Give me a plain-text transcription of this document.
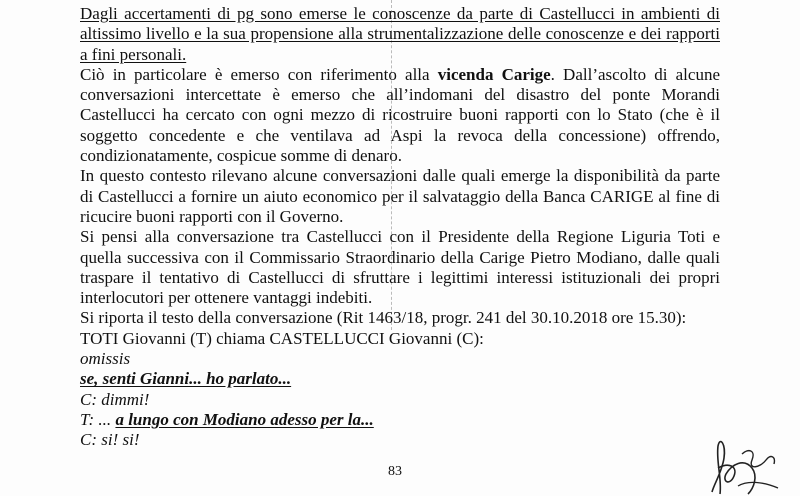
Dagli accertamenti di pg sono emerse le conoscenze da parte di Castellucci in ambienti di altissimo livello e la sua propensione alla strumentalizzazione delle conoscenze e dei rapporti a fini personali.

Ciò in particolare è emerso con riferimento alla vicenda Carige. Dall’ascolto di alcune conversazioni intercettate è emerso che all’indomani del disastro del ponte Morandi Castellucci ha cercato con ogni mezzo di ricostruire buoni rapporti con lo Stato (che è il soggetto concedente e che ventilava ad Aspi la revoca della concessione) offrendo, condizionatamente, cospicue somme di denaro.

In questo contesto rilevano alcune conversazioni dalle quali emerge la disponibilità da parte di Castellucci a fornire un aiuto economico per il salvataggio della Banca CARIGE al fine di ricucire buoni rapporti con il Governo.

Si pensi alla conversazione tra Castellucci con il Presidente della Regione Liguria Toti e quella successiva con il Commissario Straordinario della Carige Pietro Modiano, dalle quali traspare il tentativo di Castellucci di sfruttare i legittimi interessi istituzionali dei propri interlocutori per ottenere vantaggi indebiti.

Si riporta il testo della conversazione (Rit 1463/18, progr. 241 del 30.10.2018 ore 15.30):

TOTI Giovanni (T) chiama CASTELLUCCI Giovanni (C):

omissis

se, senti Gianni... ho parlato...

C: dimmi!

T: ... a lungo con Modiano adesso per la...

C: si! si!

83
